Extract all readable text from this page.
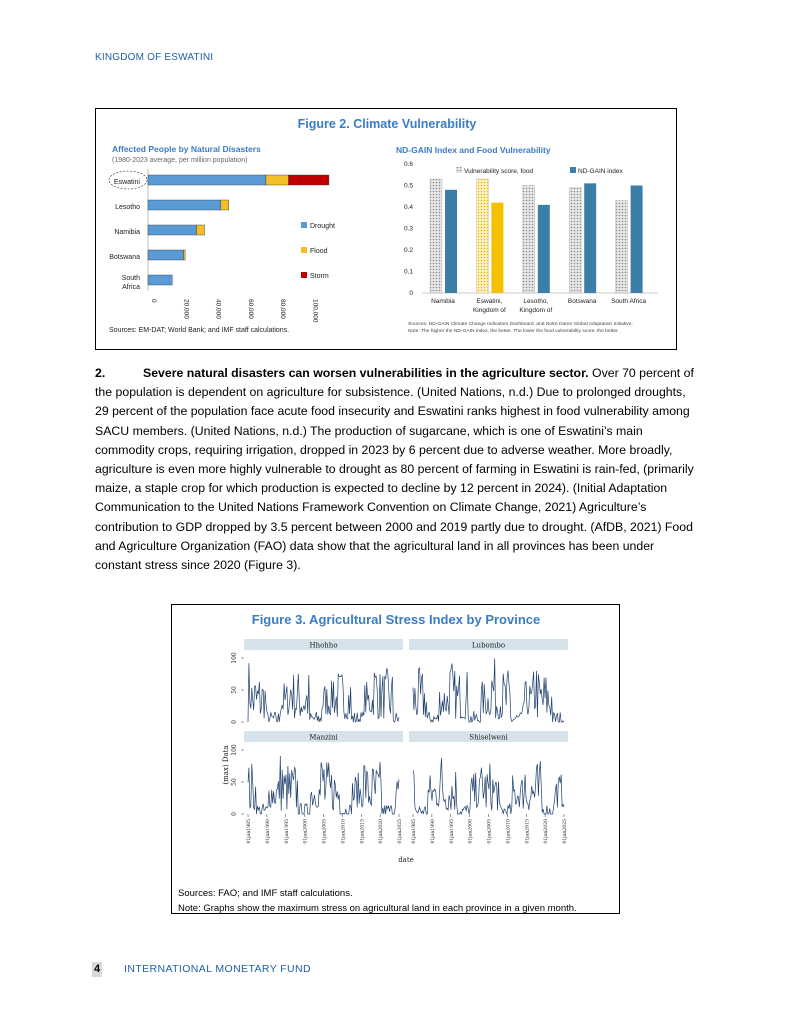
KINGDOM OF ESWATINI
Figure 2. Climate Vulnerability
Affected People by Natural Disasters
(1980-2023 average, per million population)
Eswatini
Lesotho
Namibia
Botswana
South
Africa
0	20,000	40,000	60,000	80,000	100,000
Drought
Flood
Storm
Sources: EM-DAT; World Bank; and IMF staff calculations.
ND-GAIN Index and Food Vulnerability
0
0.1
0.2
0.3
0.4
0.5
0.6
Namibia	Eswatini,
Kingdom of
Lesotho,
Kingdom of
Botswana South Africa
Vulnerability score, food	ND-GAIN index
Sources: ND-GAIN Climate Change Indicators Dashboard, and Notre Dame Global Adaptation Initiative.
Note: The higher the ND-GAIN index, the better. The lower the food vulnerability score, the better.
2.	Severe natural disasters can worsen vulnerabilities in the agriculture sector. Over 70 percent of the population is dependent on agriculture for subsistence. (United Nations, n.d.) Due to prolonged droughts, 29 percent of the population face acute food insecurity and Eswatini ranks highest in food vulnerability among SACU members. (United Nations, n.d.) The production of sugarcane, which is one of Eswatini’s main commodity crops, requiring irrigation, dropped in 2023 by 6 percent due to adverse weather. More broadly, agriculture is even more highly vulnerable to drought as 80 percent of farming in Eswatini is rain-fed, (primarily maize, a staple crop for which production is expected to decline by 12 percent in 2024). (Initial Adaptation Communication to the United Nations Framework Convention on Climate Change, 2021) Agriculture’s contribution to GDP dropped by 3.5 percent between 2000 and 2019 partly due to drought. (AfDB, 2021) Food and Agriculture Organization (FAO) data show that the agricultural land in all provinces has been under constant stress since 2020 (Figure 3).
Figure 3. Agricultural Stress Index by Province
Hhohho
0
50
100
Lubombo
Manzini
0
50
100
01jan1985	01jan1990	01jan1995	01jan2000	01jan2005	01jan2010	01jan2015	01jan2020	01jan2025
Shiselweni
01jan1985	01jan1990	01jan1995	01jan2000	01jan2005	01jan2010	01jan2015	01jan2020	01jan2025
(max) Data
date
Sources: FAO; and IMF staff calculations.
Note: Graphs show the maximum stress on agricultural land in each province in a given month.
4 INTERNATIONAL MONETARY FUND
